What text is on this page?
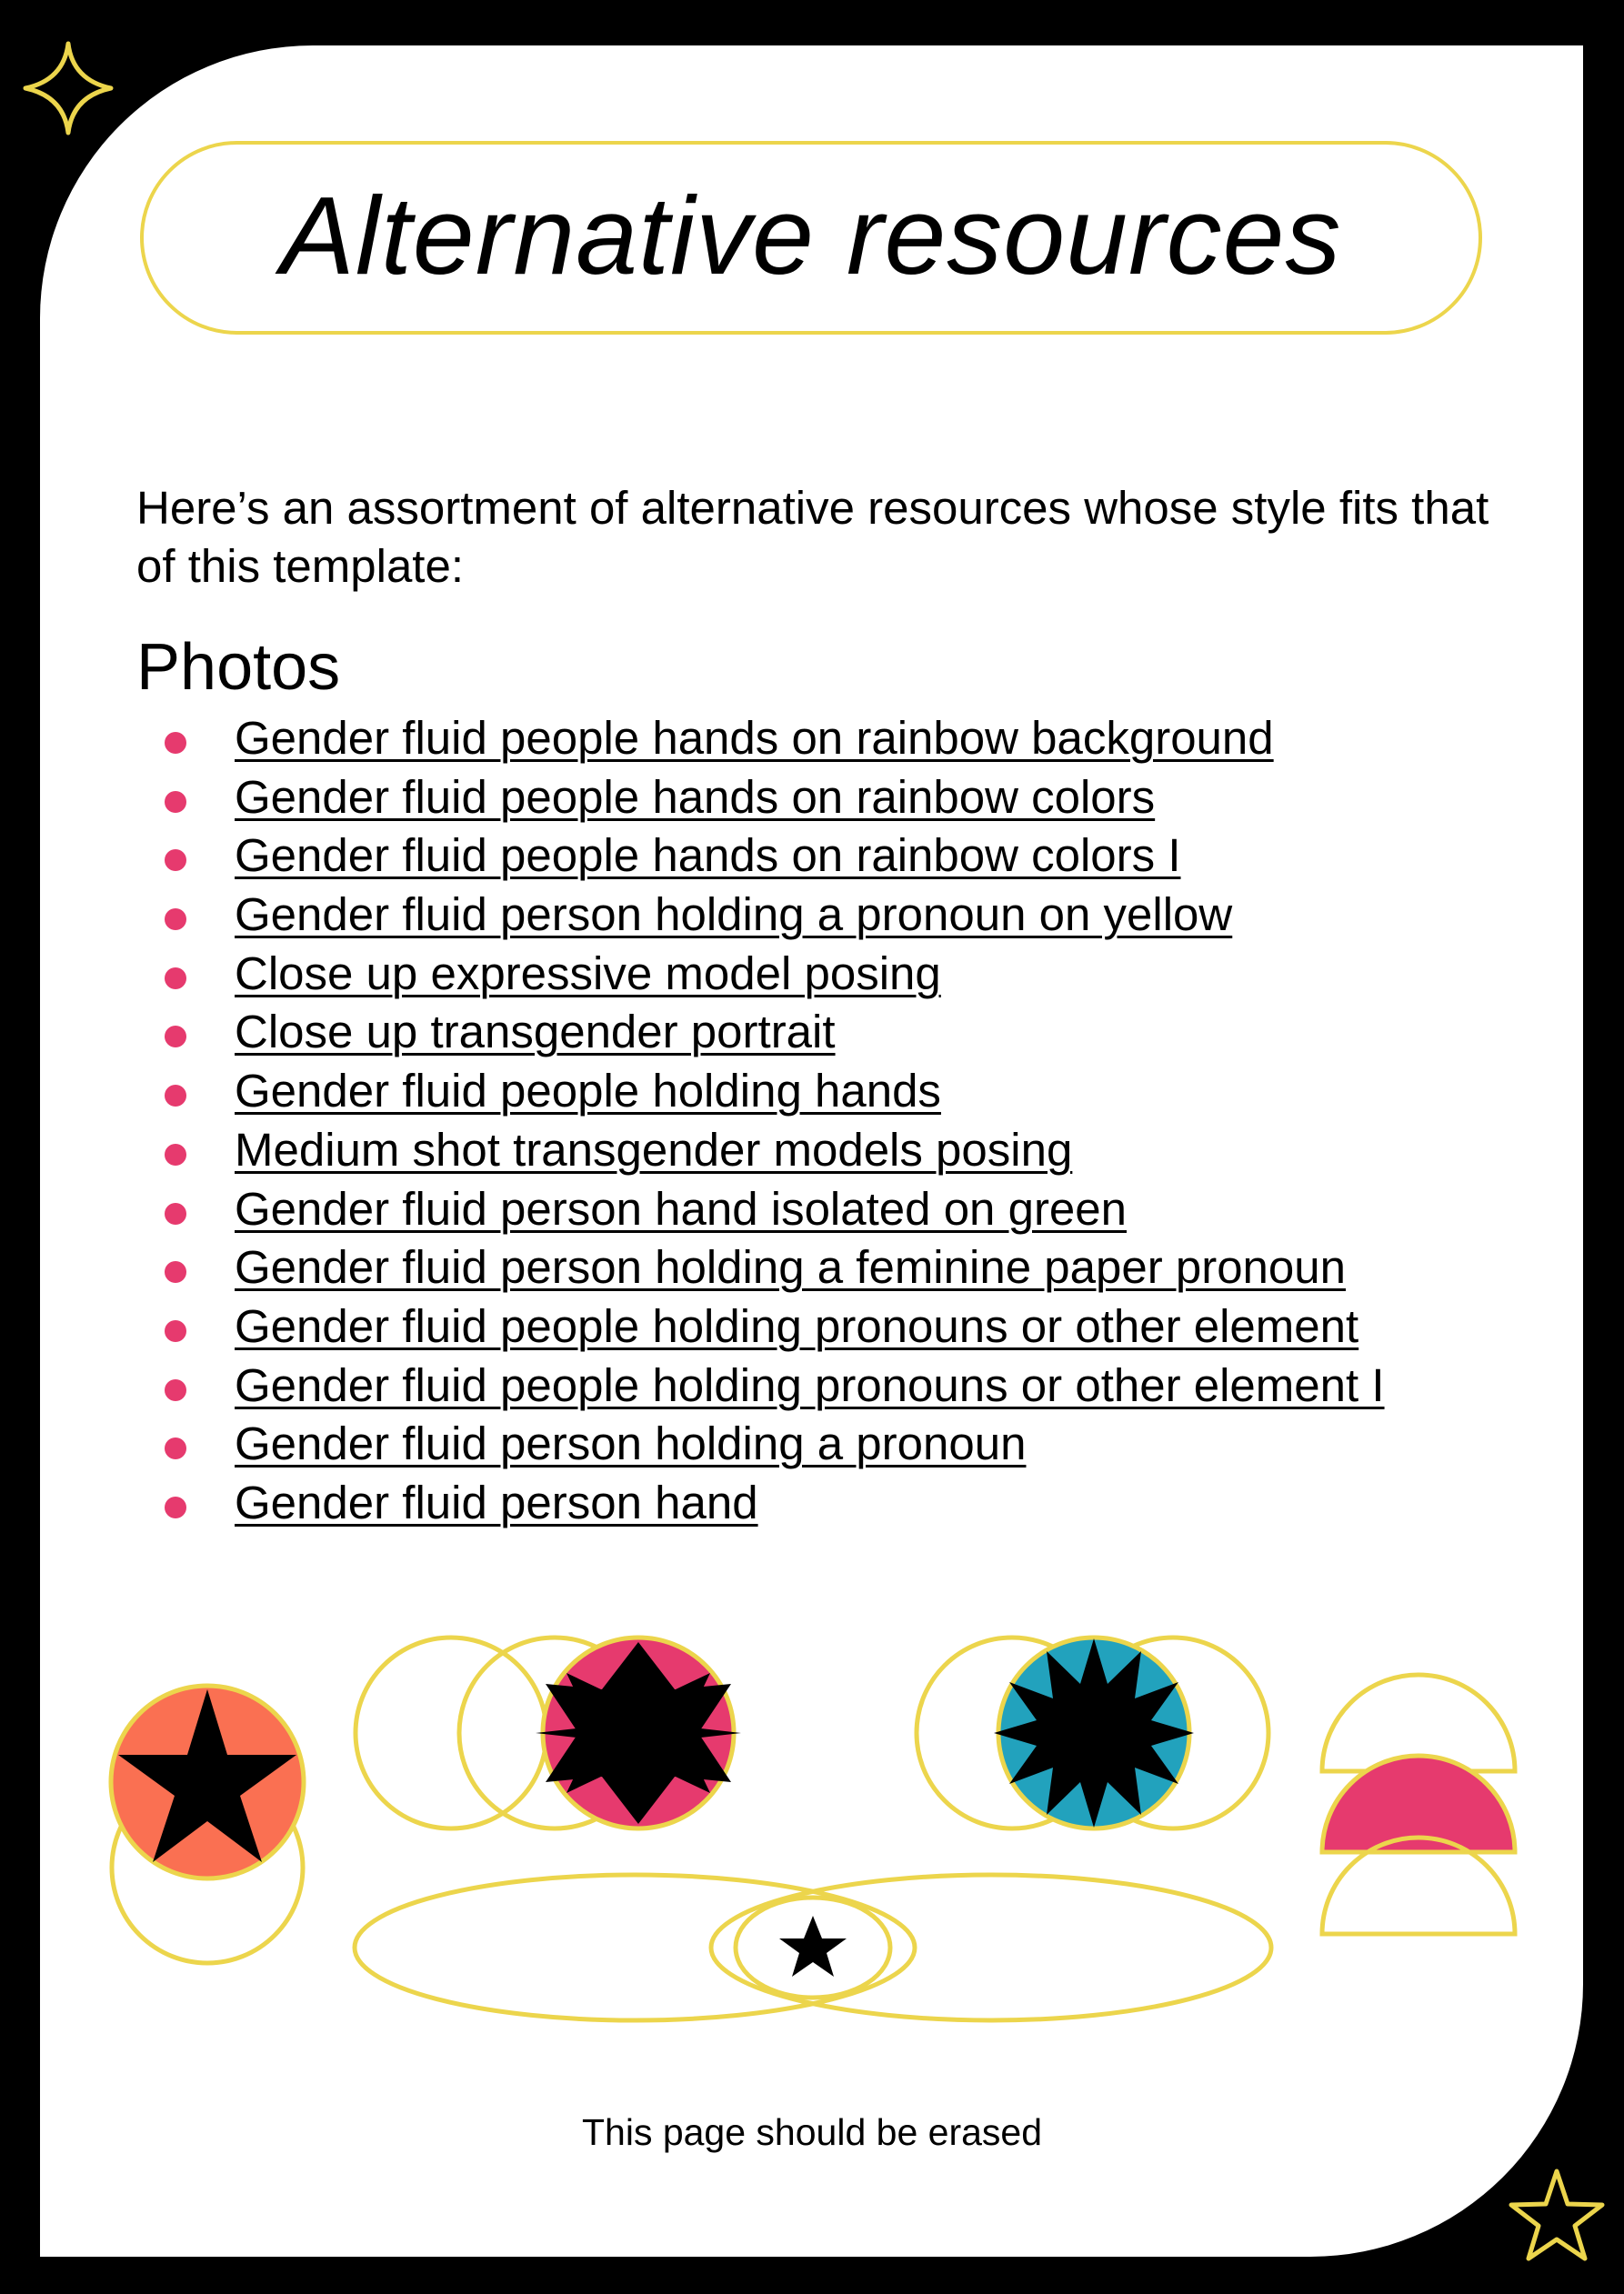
Alternative resources
Here’s an assortment of alternative resources whose style fits that of this template:
Photos
Gender fluid people hands on rainbow background
Gender fluid people hands on rainbow colors
Gender fluid people hands on rainbow colors I
Gender fluid person holding a pronoun on yellow
Close up expressive model posing
Close up transgender portrait
Gender fluid people holding hands
Medium shot transgender models posing
Gender fluid person hand isolated on green
Gender fluid person holding a feminine paper pronoun
Gender fluid people holding pronouns or other element
Gender fluid people holding pronouns or other element I
Gender fluid person holding a pronoun
Gender fluid person hand
This page should be erased
